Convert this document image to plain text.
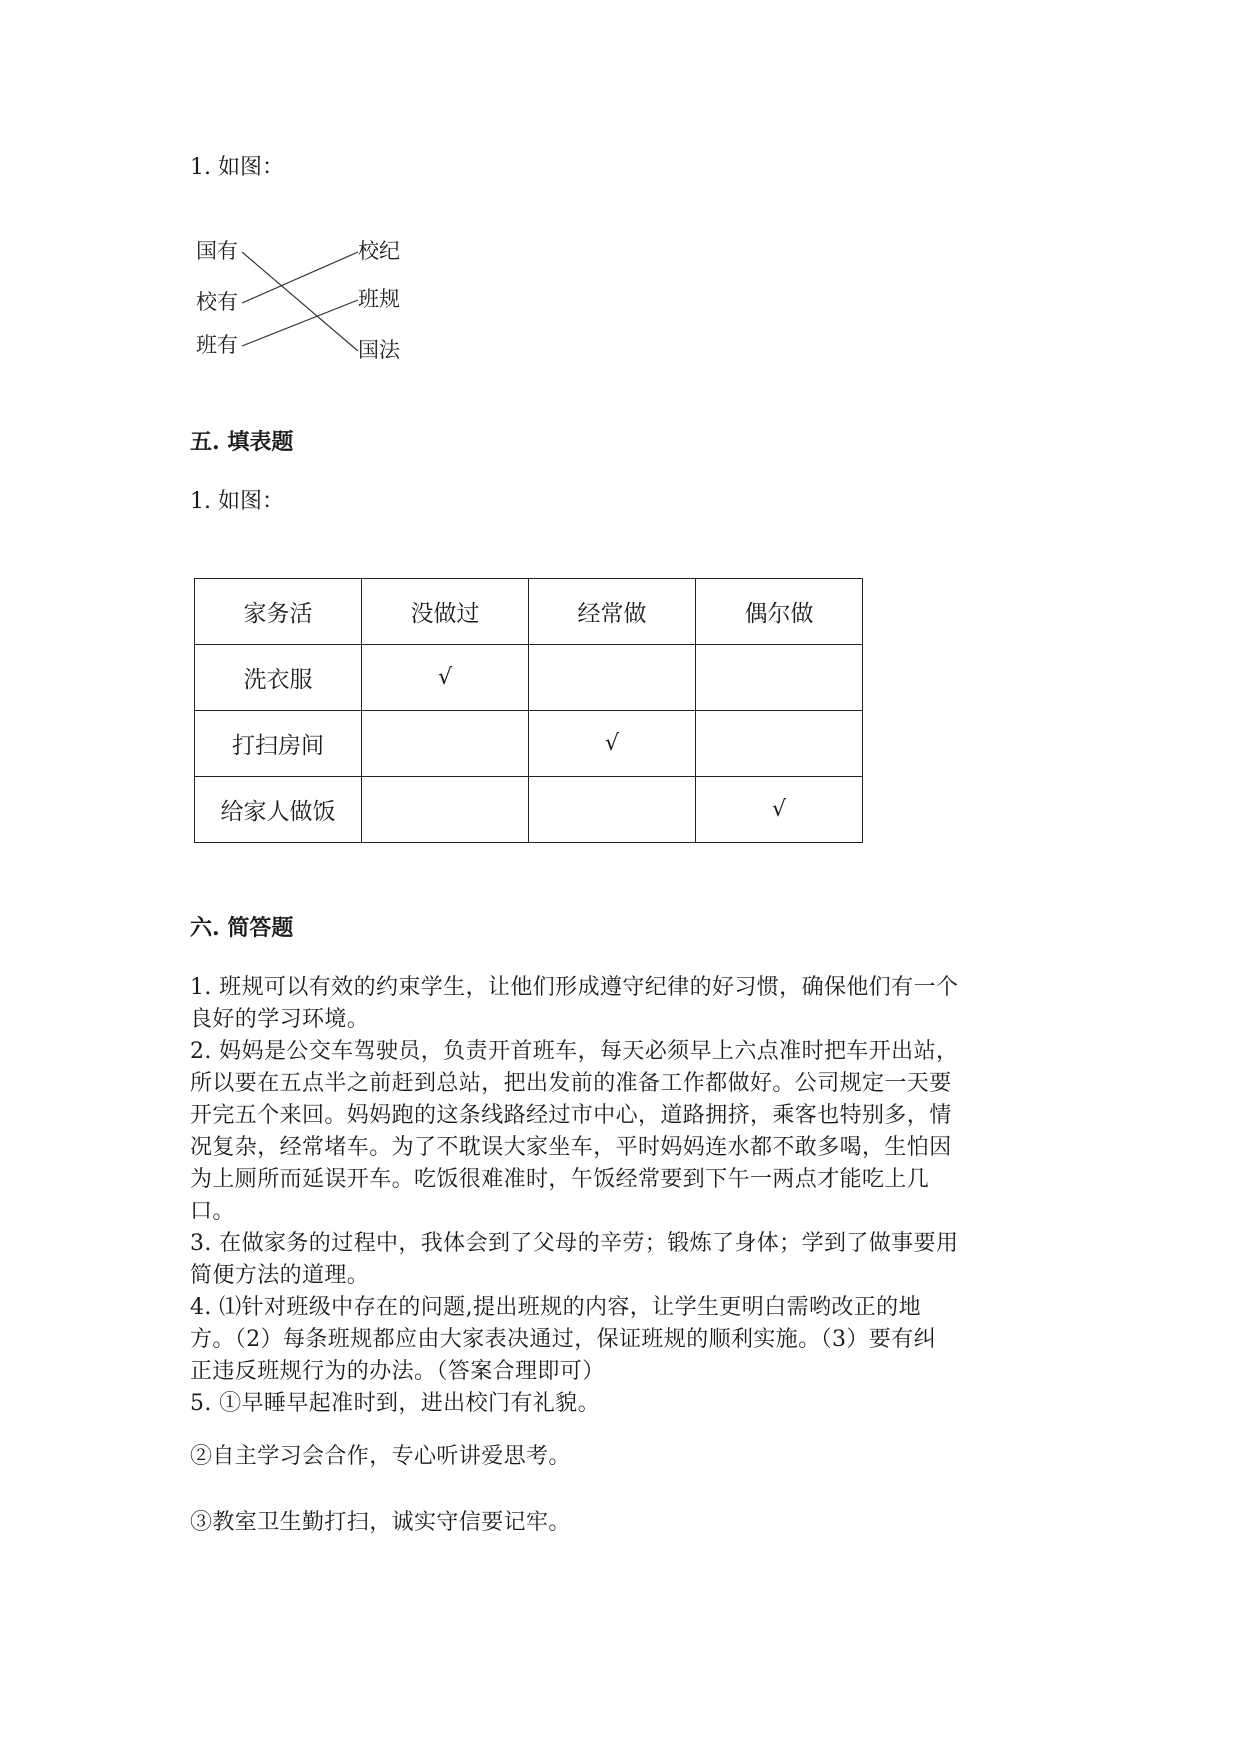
1. 如图：
国有
校有
班有
校纪
班规
国法
五. 填表题
1. 如图：
家务活	没做过	经常做	偶尔做
洗衣服	√		
打扫房间		√	
给家人做饭			√
六. 简答题
1. 班规可以有效的约束学生，让他们形成遵守纪律的好习惯，确保他们有一个
良好的学习环境。
2. 妈妈是公交车驾驶员，负责开首班车，每天必须早上六点准时把车开出站，
所以要在五点半之前赶到总站，把出发前的准备工作都做好。公司规定一天要
开完五个来回。妈妈跑的这条线路经过市中心，道路拥挤，乘客也特别多，情
况复杂，经常堵车。为了不耽误大家坐车，平时妈妈连水都不敢多喝，生怕因
为上厕所而延误开车。吃饭很难准时，午饭经常要到下午一两点才能吃上几
口。
3. 在做家务的过程中，我体会到了父母的辛劳；锻炼了身体；学到了做事要用
简便方法的道理。
4. ⑴针对班级中存在的问题,提出班规的内容，让学生更明白需哟改正的地
方。（2）每条班规都应由大家表决通过，保证班规的顺利实施。（3）要有纠
正违反班规行为的办法。（答案合理即可）
5. ①早睡早起准时到，进出校门有礼貌。
②自主学习会合作，专心听讲爱思考。
③教室卫生勤打扫，诚实守信要记牢。
